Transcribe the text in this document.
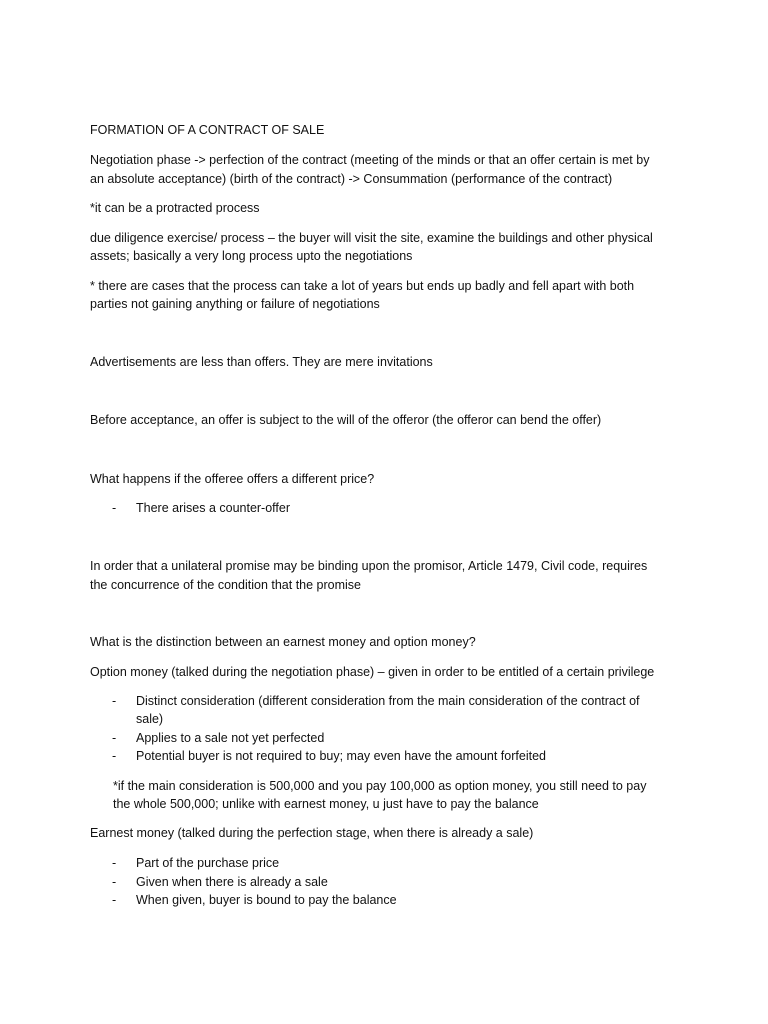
FORMATION OF A CONTRACT OF SALE
Negotiation phase -> perfection of the contract (meeting of the minds or that an offer certain is met by
an absolute acceptance) (birth of the contract) -> Consummation (performance of the contract)
*it can be a protracted process
due diligence exercise/ process – the buyer will visit the site, examine the buildings and other physical
assets; basically a very long process upto the negotiations
* there are cases that the process can take a lot of years but ends up badly and fell apart with both
parties not gaining anything or failure of negotiations
Advertisements are less than offers. They are mere invitations
Before acceptance, an offer is subject to the will of the offeror (the offeror can bend the offer)
What happens if the offeree offers a different price?
- There arises a counter-offer
In order that a unilateral promise may be binding upon the promisor, Article 1479, Civil code, requires
the concurrence of the condition that the promise
What is the distinction between an earnest money and option money?
Option money (talked during the negotiation phase) – given in order to be entitled of a certain privilege
- Distinct consideration (different consideration from the main consideration of the contract of
sale)
- Applies to a sale not yet perfected
- Potential buyer is not required to buy; may even have the amount forfeited
*if the main consideration is 500,000 and you pay 100,000 as option money, you still need to pay
the whole 500,000; unlike with earnest money, u just have to pay the balance
Earnest money (talked during the perfection stage, when there is already a sale)
- Part of the purchase price
- Given when there is already a sale
- When given, buyer is bound to pay the balance
